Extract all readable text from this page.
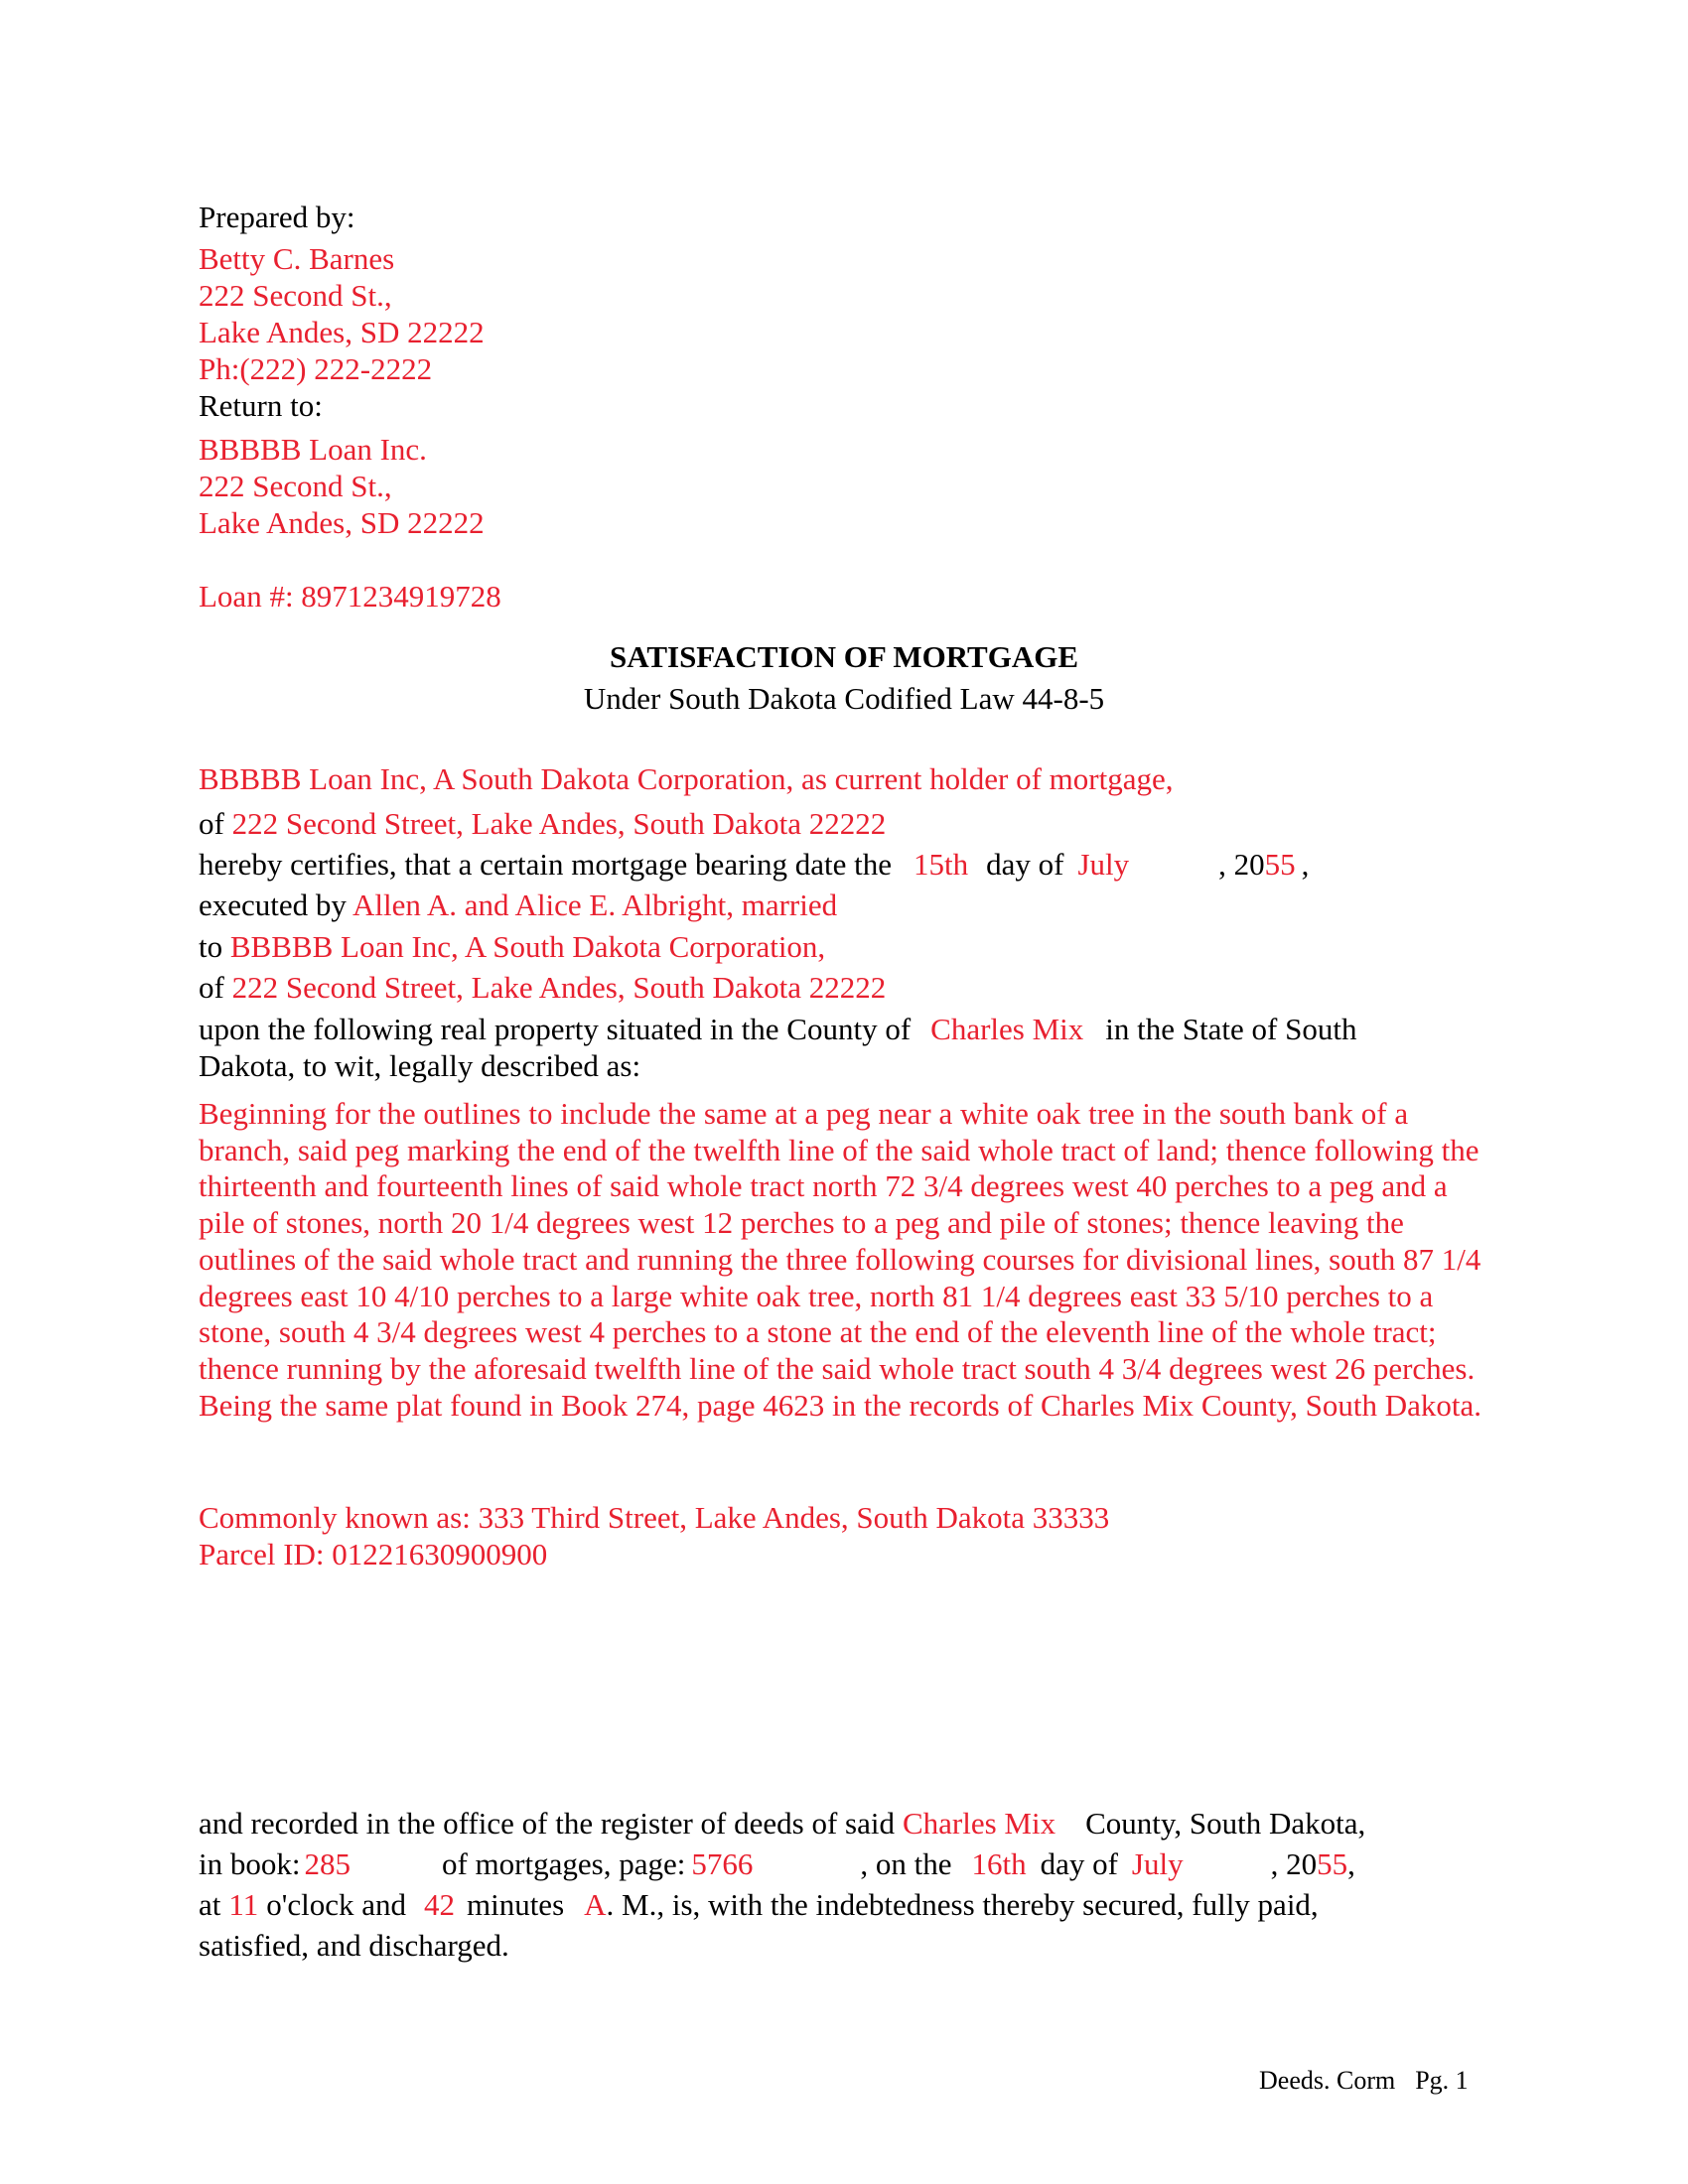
Prepared by:
Betty C. Barnes
222 Second St.,
Lake Andes, SD 22222
Ph:(222) 222-2222
Return to:
BBBBB Loan Inc.
222 Second St.,
Lake Andes, SD 22222
Loan #: 8971234919728
SATISFACTION OF MORTGAGE
Under South Dakota Codified Law 44-8-5
BBBBB Loan Inc, A South Dakota Corporation, as current holder of mortgage,
of 222 Second Street, Lake Andes, South Dakota 22222
hereby certifies, that a certain mortgage bearing date the 15th day of July	, 2055 ,
executed by Allen A. and Alice E. Albright, married
to BBBBB Loan Inc, A South Dakota Corporation,
of 222 Second Street, Lake Andes, South Dakota 22222
upon the following real property situated in the County of Charles Mix in the State of South
Dakota, to wit, legally described as:
Beginning for the outlines to include the same at a peg near a white oak tree in the south bank of a branch, said peg marking the end of the twelfth line of the said whole tract of land; thence following the thirteenth and fourteenth lines of said whole tract north 72 3/4 degrees west 40 perches to a peg and a pile of stones, north 20 1/4 degrees west 12 perches to a peg and pile of stones; thence leaving the outlines of the said whole tract and running the three following courses for divisional lines, south 87 1/4 degrees east 10 4/10 perches to a large white oak tree, north 81 1/4 degrees east 33 5/10 perches to a stone, south 4 3/4 degrees west 4 perches to a stone at the end of the eleventh line of the whole tract; thence running by the aforesaid twelfth line of the said whole tract south 4 3/4 degrees west 26 perches. Being the same plat found in Book 274, page 4623 in the records of Charles Mix County, South Dakota.
Commonly known as: 333 Third Street, Lake Andes, South Dakota 33333
Parcel ID: 01221630900900
and recorded in the office of the register of deeds of said Charles Mix County, South Dakota,
in book: 285	of mortgages, page: 5766	, on the 16th day of July	, 2055,
at 11 o'clock and 42 minutes A. M., is, with the indebtedness thereby secured, fully paid,
satisfied, and discharged.
Deeds. Corm Pg. 1
